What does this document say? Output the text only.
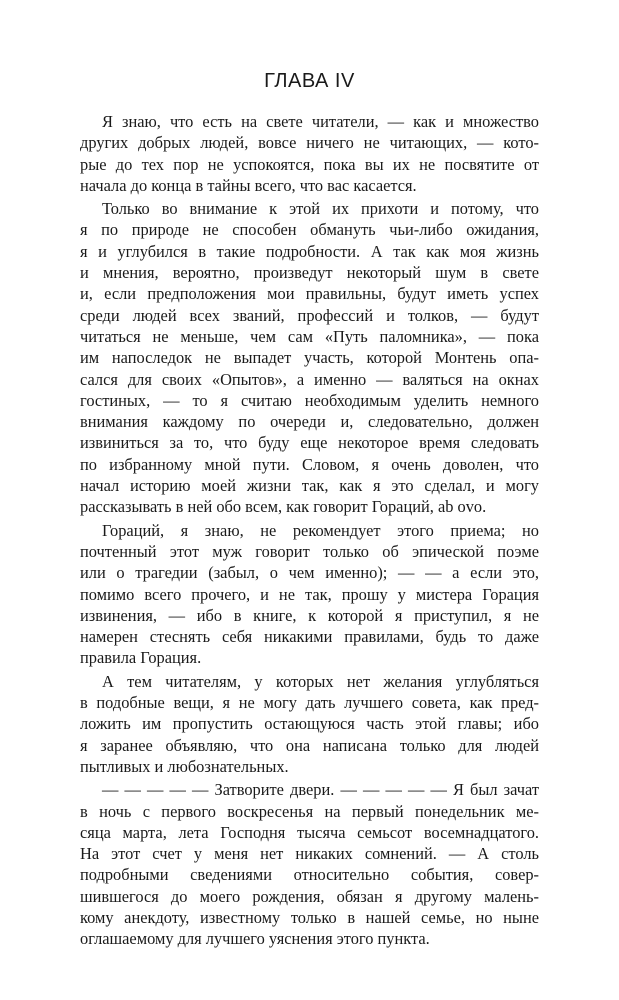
ГЛАВА IV
Я знаю, что есть на свете читатели, — как и множество
других добрых людей, вовсе ничего не читающих, — кото-
рые до тех пор не успокоятся, пока вы их не посвятите от
начала до конца в тайны всего, что вас касается.
Только во внимание к этой их прихоти и потому, что
я по природе не способен обмануть чьи-либо ожидания,
я и углубился в такие подробности. А так как моя жизнь
и мнения, вероятно, произведут некоторый шум в свете
и, если предположения мои правильны, будут иметь успех
среди людей всех званий, профессий и толков, — будут
читаться не меньше, чем сам «Путь паломника», — пока
им напоследок не выпадет участь, которой Монтень опа-
сался для своих «Опытов», а именно — валяться на окнах
гостиных, — то я считаю необходимым уделить немного
внимания каждому по очереди и, следовательно, должен
извиниться за то, что буду еще некоторое время следовать
по избранному мной пути. Словом, я очень доволен, что
начал историю моей жизни так, как я это сделал, и могу
рассказывать в ней обо всем, как говорит Гораций, ab ovo.
Гораций, я знаю, не рекомендует этого приема; но
почтенный этот муж говорит только об эпической поэме
или о трагедии (забыл, о чем именно); — — а если это,
помимо всего прочего, и не так, прошу у мистера Горация
извинения, — ибо в книге, к которой я приступил, я не
намерен стеснять себя никакими правилами, будь то даже
правила Горация.
А тем читателям, у которых нет желания углубляться
в подобные вещи, я не могу дать лучшего совета, как пред-
ложить им пропустить остающуюся часть этой главы; ибо
я заранее объявляю, что она написана только для людей
пытливых и любознательных.
— — — — — Затворите двери. — — — — — Я был зачат
в ночь с первого воскресенья на первый понедельник ме-
сяца марта, лета Господня тысяча семьсот восемнадцатого.
На этот счет у меня нет никаких сомнений. — А столь
подробными сведениями относительно события, совер-
шившегося до моего рождения, обязан я другому малень-
кому анекдоту, известному только в нашей семье, но ныне
оглашаемому для лучшего уяснения этого пункта.
